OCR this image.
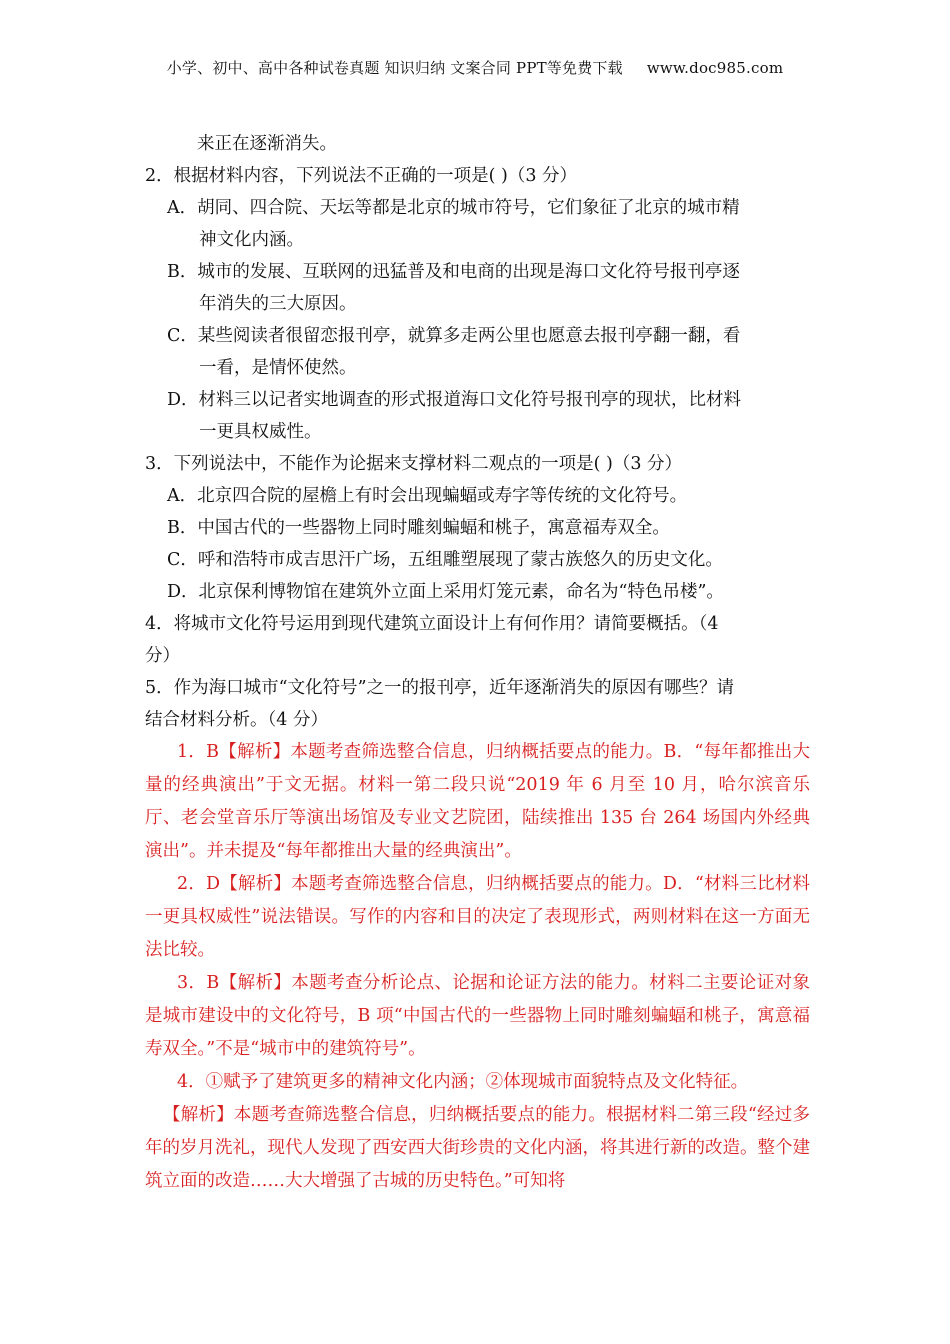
小学、初中、高中各种试卷真题 知识归纳 文案合同 PPT等免费下载 www.doc985.com
来正在逐渐消失。
2．根据材料内容，下列说法不正确的一项是( )（3 分）
A．胡同、四合院、天坛等都是北京的城市符号，它们象征了北京的城市精
神文化内涵。
B．城市的发展、互联网的迅猛普及和电商的出现是海口文化符号报刊亭逐
年消失的三大原因。
C．某些阅读者很留恋报刊亭，就算多走两公里也愿意去报刊亭翻一翻，看
一看，是情怀使然。
D．材料三以记者实地调查的形式报道海口文化符号报刊亭的现状，比材料
一更具权威性。
3．下列说法中，不能作为论据来支撑材料二观点的一项是( )（3 分）
A．北京四合院的屋檐上有时会出现蝙蝠或寿字等传统的文化符号。
B．中国古代的一些器物上同时雕刻蝙蝠和桃子，寓意福寿双全。
C．呼和浩特市成吉思汗广场，五组雕塑展现了蒙古族悠久的历史文化。
D．北京保利博物馆在建筑外立面上采用灯笼元素，命名为“特色吊楼”。
4．将城市文化符号运用到现代建筑立面设计上有何作用？请简要概括。（4
分）
5．作为海口城市“文化符号”之一的报刊亭，近年逐渐消失的原因有哪些？请
结合材料分析。（4 分）
1．B【解析】本题考查筛选整合信息，归纳概括要点的能力。B．“每年都推出大量的经典演出”于文无据。材料一第二段只说“2019 年 6 月至 10 月，哈尔滨音乐厅、老会堂音乐厅等演出场馆及专业文艺院团，陆续推出 135 台 264 场国内外经典演出”。并未提及“每年都推出大量的经典演出”。
2．D【解析】本题考查筛选整合信息，归纳概括要点的能力。D．“材料三比材料一更具权威性”说法错误。写作的内容和目的决定了表现形式，两则材料在这一方面无法比较。
3．B【解析】本题考查分析论点、论据和论证方法的能力。材料二主要论证对象是城市建设中的文化符号，B 项“中国古代的一些器物上同时雕刻蝙蝠和桃子，寓意福寿双全。”不是“城市中的建筑符号”。
4．①赋予了建筑更多的精神文化内涵；②体现城市面貌特点及文化特征。
【解析】本题考查筛选整合信息，归纳概括要点的能力。根据材料二第三段“经过多年的岁月洗礼，现代人发现了西安西大街珍贵的文化内涵，将其进行新的改造。整个建筑立面的改造……大大增强了古城的历史特色。”可知将
